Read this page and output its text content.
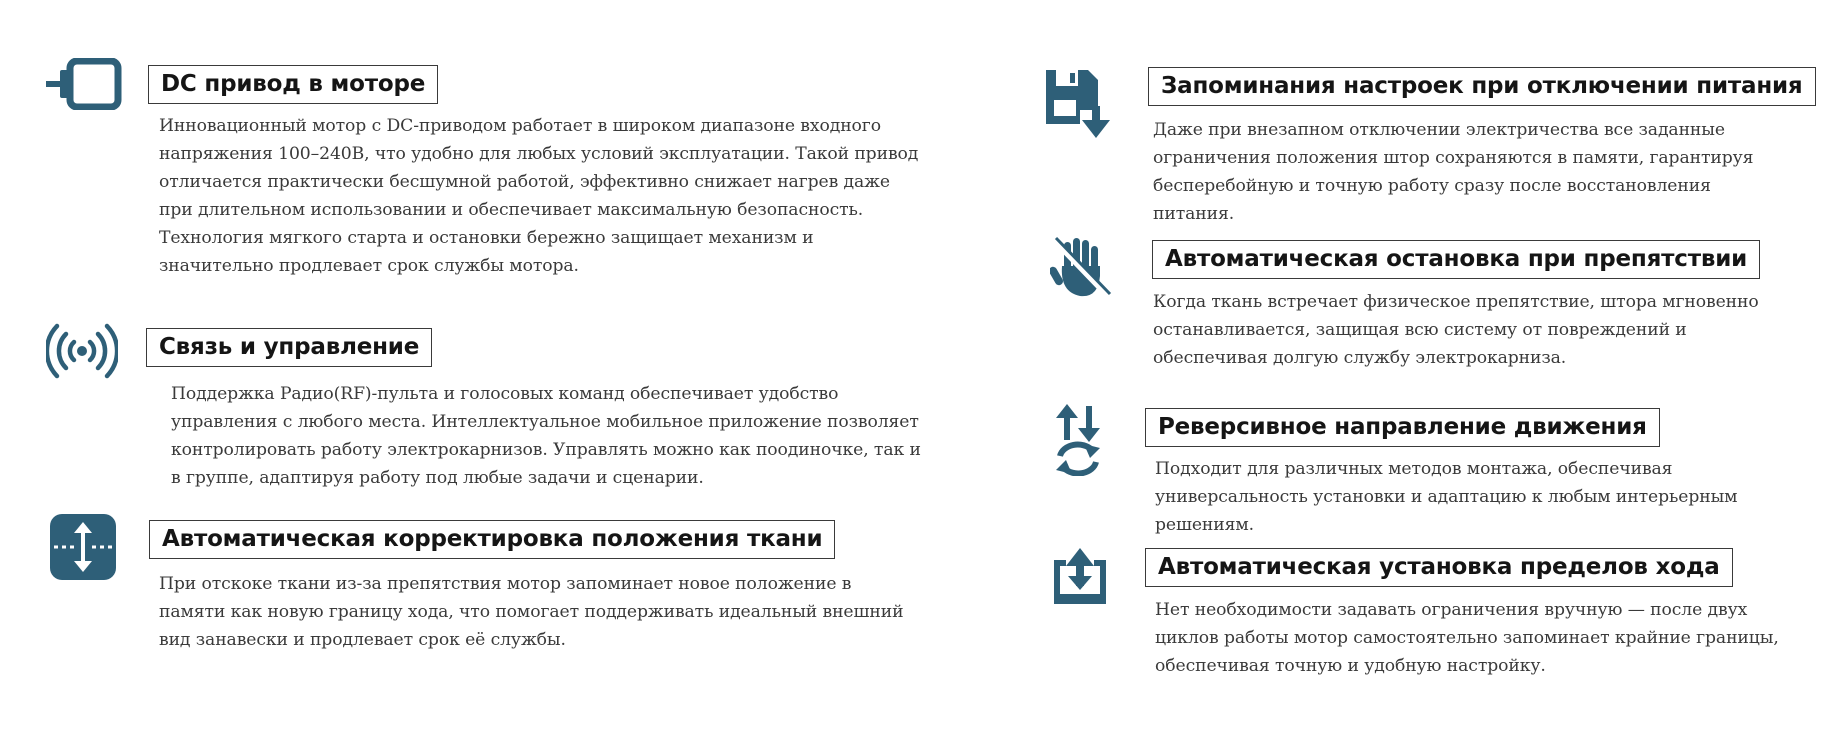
DC привод в моторе

Инновационный мотор с DC-приводом работает в широком диапазоне входного напряжения 100–240В, что удобно для любых условий эксплуатации. Такой привод отличается практически бесшумной работой, эффективно снижает нагрев даже при длительном использовании и обеспечивает максимальную безопасность. Технология мягкого старта и остановки бережно защищает механизм и значительно продлевает срок службы мотора.

Связь и управление

Поддержка Радио(RF)-пульта и голосовых команд обеспечивает удобство управления с любого места. Интеллектуальное мобильное приложение позволяет контролировать работу электрокарнизов. Управлять можно как поодиночке, так и в группе, адаптируя работу под любые задачи и сценарии.

Автоматическая корректировка положения ткани

При отскоке ткани из-за препятствия мотор запоминает новое положение в памяти как новую границу хода, что помогает поддерживать идеальный внешний вид занавески и продлевает срок её службы.

Запоминания настроек при отключении питания

Даже при внезапном отключении электричества все заданные ограничения положения штор сохраняются в памяти, гарантируя бесперебойную и точную работу сразу после восстановления питания.

Автоматическая остановка при препятствии

Когда ткань встречает физическое препятствие, штора мгновенно останавливается, защищая всю систему от повреждений и обеспечивая долгую службу электрокарниза.

Реверсивное направление движения

Подходит для различных методов монтажа, обеспечивая универсальность установки и адаптацию к любым интерьерным решениям.

Автоматическая установка пределов хода

Нет необходимости задавать ограничения вручную — после двух циклов работы мотор самостоятельно запоминает крайние границы, обеспечивая точную и удобную настройку.
